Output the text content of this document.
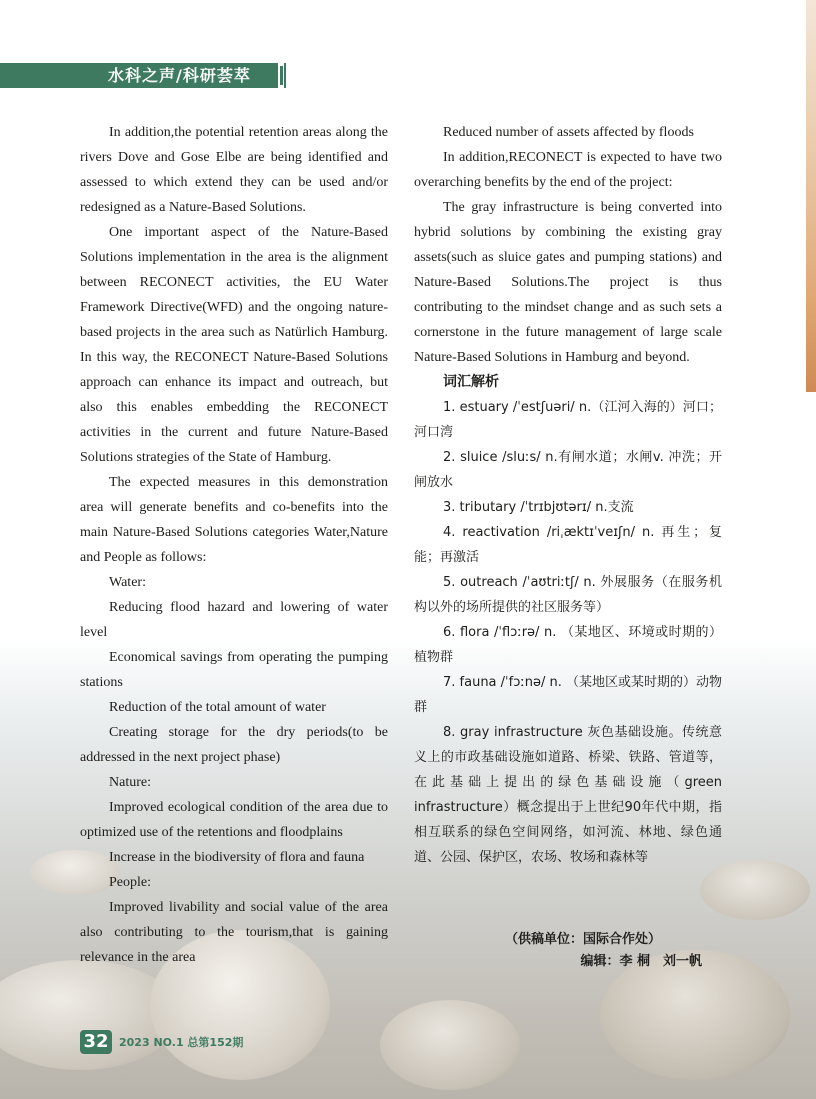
水科之声/科研荟萃

In addition,the potential retention areas along the rivers Dove and Gose Elbe are being identified and assessed to which extend they can be used and/or redesigned as a Nature-Based Solutions.

One important aspect of the Nature-Based Solutions implementation in the area is the alignment between RECONECT activities, the EU Water Framework Directive(WFD) and the ongoing nature-based projects in the area such as Natürlich Hamburg. In this way, the RECONECT Nature-Based Solutions approach can enhance its impact and outreach, but also this enables embedding the RECONECT activities in the current and future Nature-Based Solutions strategies of the State of Hamburg.

The expected measures in this demonstration area will generate benefits and co-benefits into the main Nature-Based Solutions categories Water,Nature and People as follows:

Water:

Reducing flood hazard and lowering of water level

Economical savings from operating the pumping stations

Reduction of the total amount of water

Creating storage for the dry periods(to be addressed in the next project phase)

Nature:

Improved ecological condition of the area due to optimized use of the retentions and floodplains

Increase in the biodiversity of flora and fauna

People:

Improved livability and social value of the area also contributing to the tourism,that is gaining relevance in the area

Reduced number of assets affected by floods

In addition,RECONECT is expected to have two overarching benefits by the end of the project:

The gray infrastructure is being converted into hybrid solutions by combining the existing gray assets(such as sluice gates and pumping stations) and Nature-Based Solutions.The project is thus contributing to the mindset change and as such sets a cornerstone in the future management of large scale Nature-Based Solutions in Hamburg and beyond.

词汇解析

1. estuary /ˈestʃuəri/ n.（江河入海的）河口；河口湾

2. sluice /sluːs/ n.有闸水道；水闸v. 冲洗；开闸放水

3. tributary /ˈtrɪbjʊtərɪ/ n.支流

4. reactivation /riˌæktɪˈveɪʃn/ n. 再生；复能；再激活

5. outreach /ˈaʊtriːtʃ/ n. 外展服务（在服务机构以外的场所提供的社区服务等）

6. flora /ˈflɔːrə/ n. （某地区、环境或时期的）植物群

7. fauna /ˈfɔːnə/ n. （某地区或某时期的）动物群

8. gray infrastructure 灰色基础设施。传统意义上的市政基础设施如道路、桥梁、铁路、管道等，在此基础上提出的绿色基础设施（green infrastructure）概念提出于上世纪90年代中期，指相互联系的绿色空间网络，如河流、林地、绿色通道、公园、保护区，农场、牧场和森林等

（供稿单位：国际合作处）
编辑：李 桐　刘一帆
32 2023 NO.1 总第152期
